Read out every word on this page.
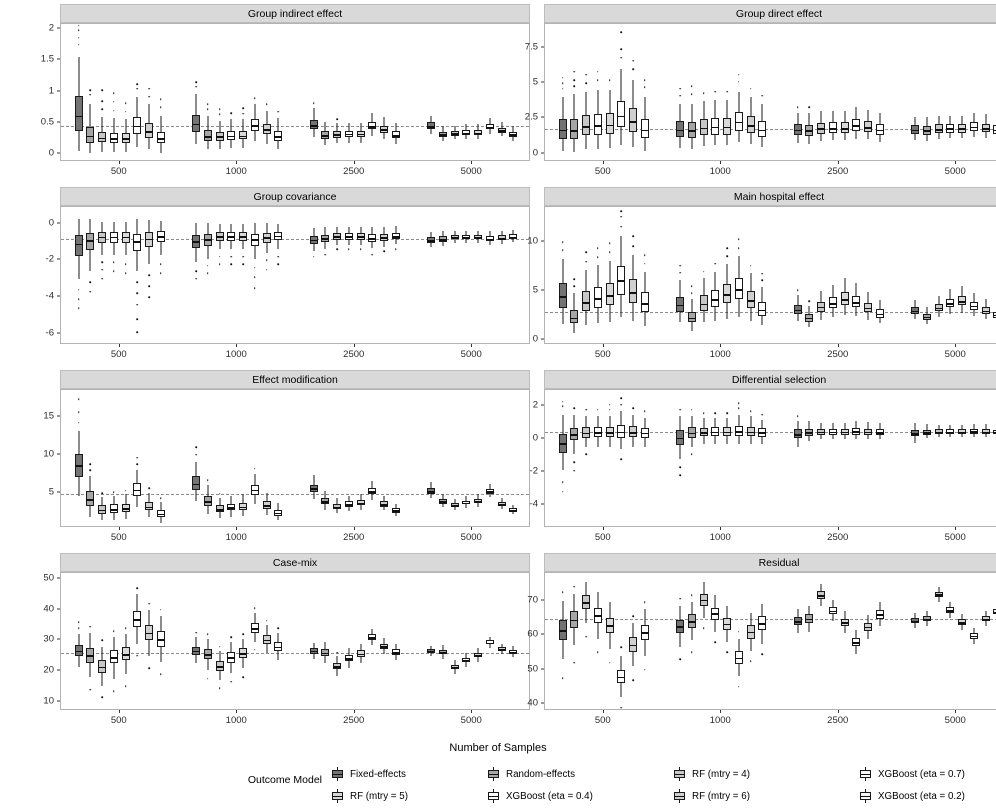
Number of Samples
Group indirect effect
0
0.5
1
1.5
2
500	1000	2500	5000
Group direct effect
0
2.5
5
7.5
500	1000	2500	5000
Group covariance
-6
-4
-2
0
500	1000	2500	5000
Main hospital effect
0
5
10
500	1000	2500	5000
Effect modification
5
10
15
500	1000	2500	5000
Differential selection
-4
-2
0
2
500	1000	2500	5000
Case-mix
10
20
30
40
50
500	1000	2500	5000
Residual
40
50
60
70
500	1000	2500	5000
Outcome Model	Fixed-effects	Random-effects	RF (mtry = 4)	XGBoost (eta = 0.7)
RF (mtry = 5)	XGBoost (eta = 0.4)	RF (mtry = 6)	XGBoost (eta = 0.2)
